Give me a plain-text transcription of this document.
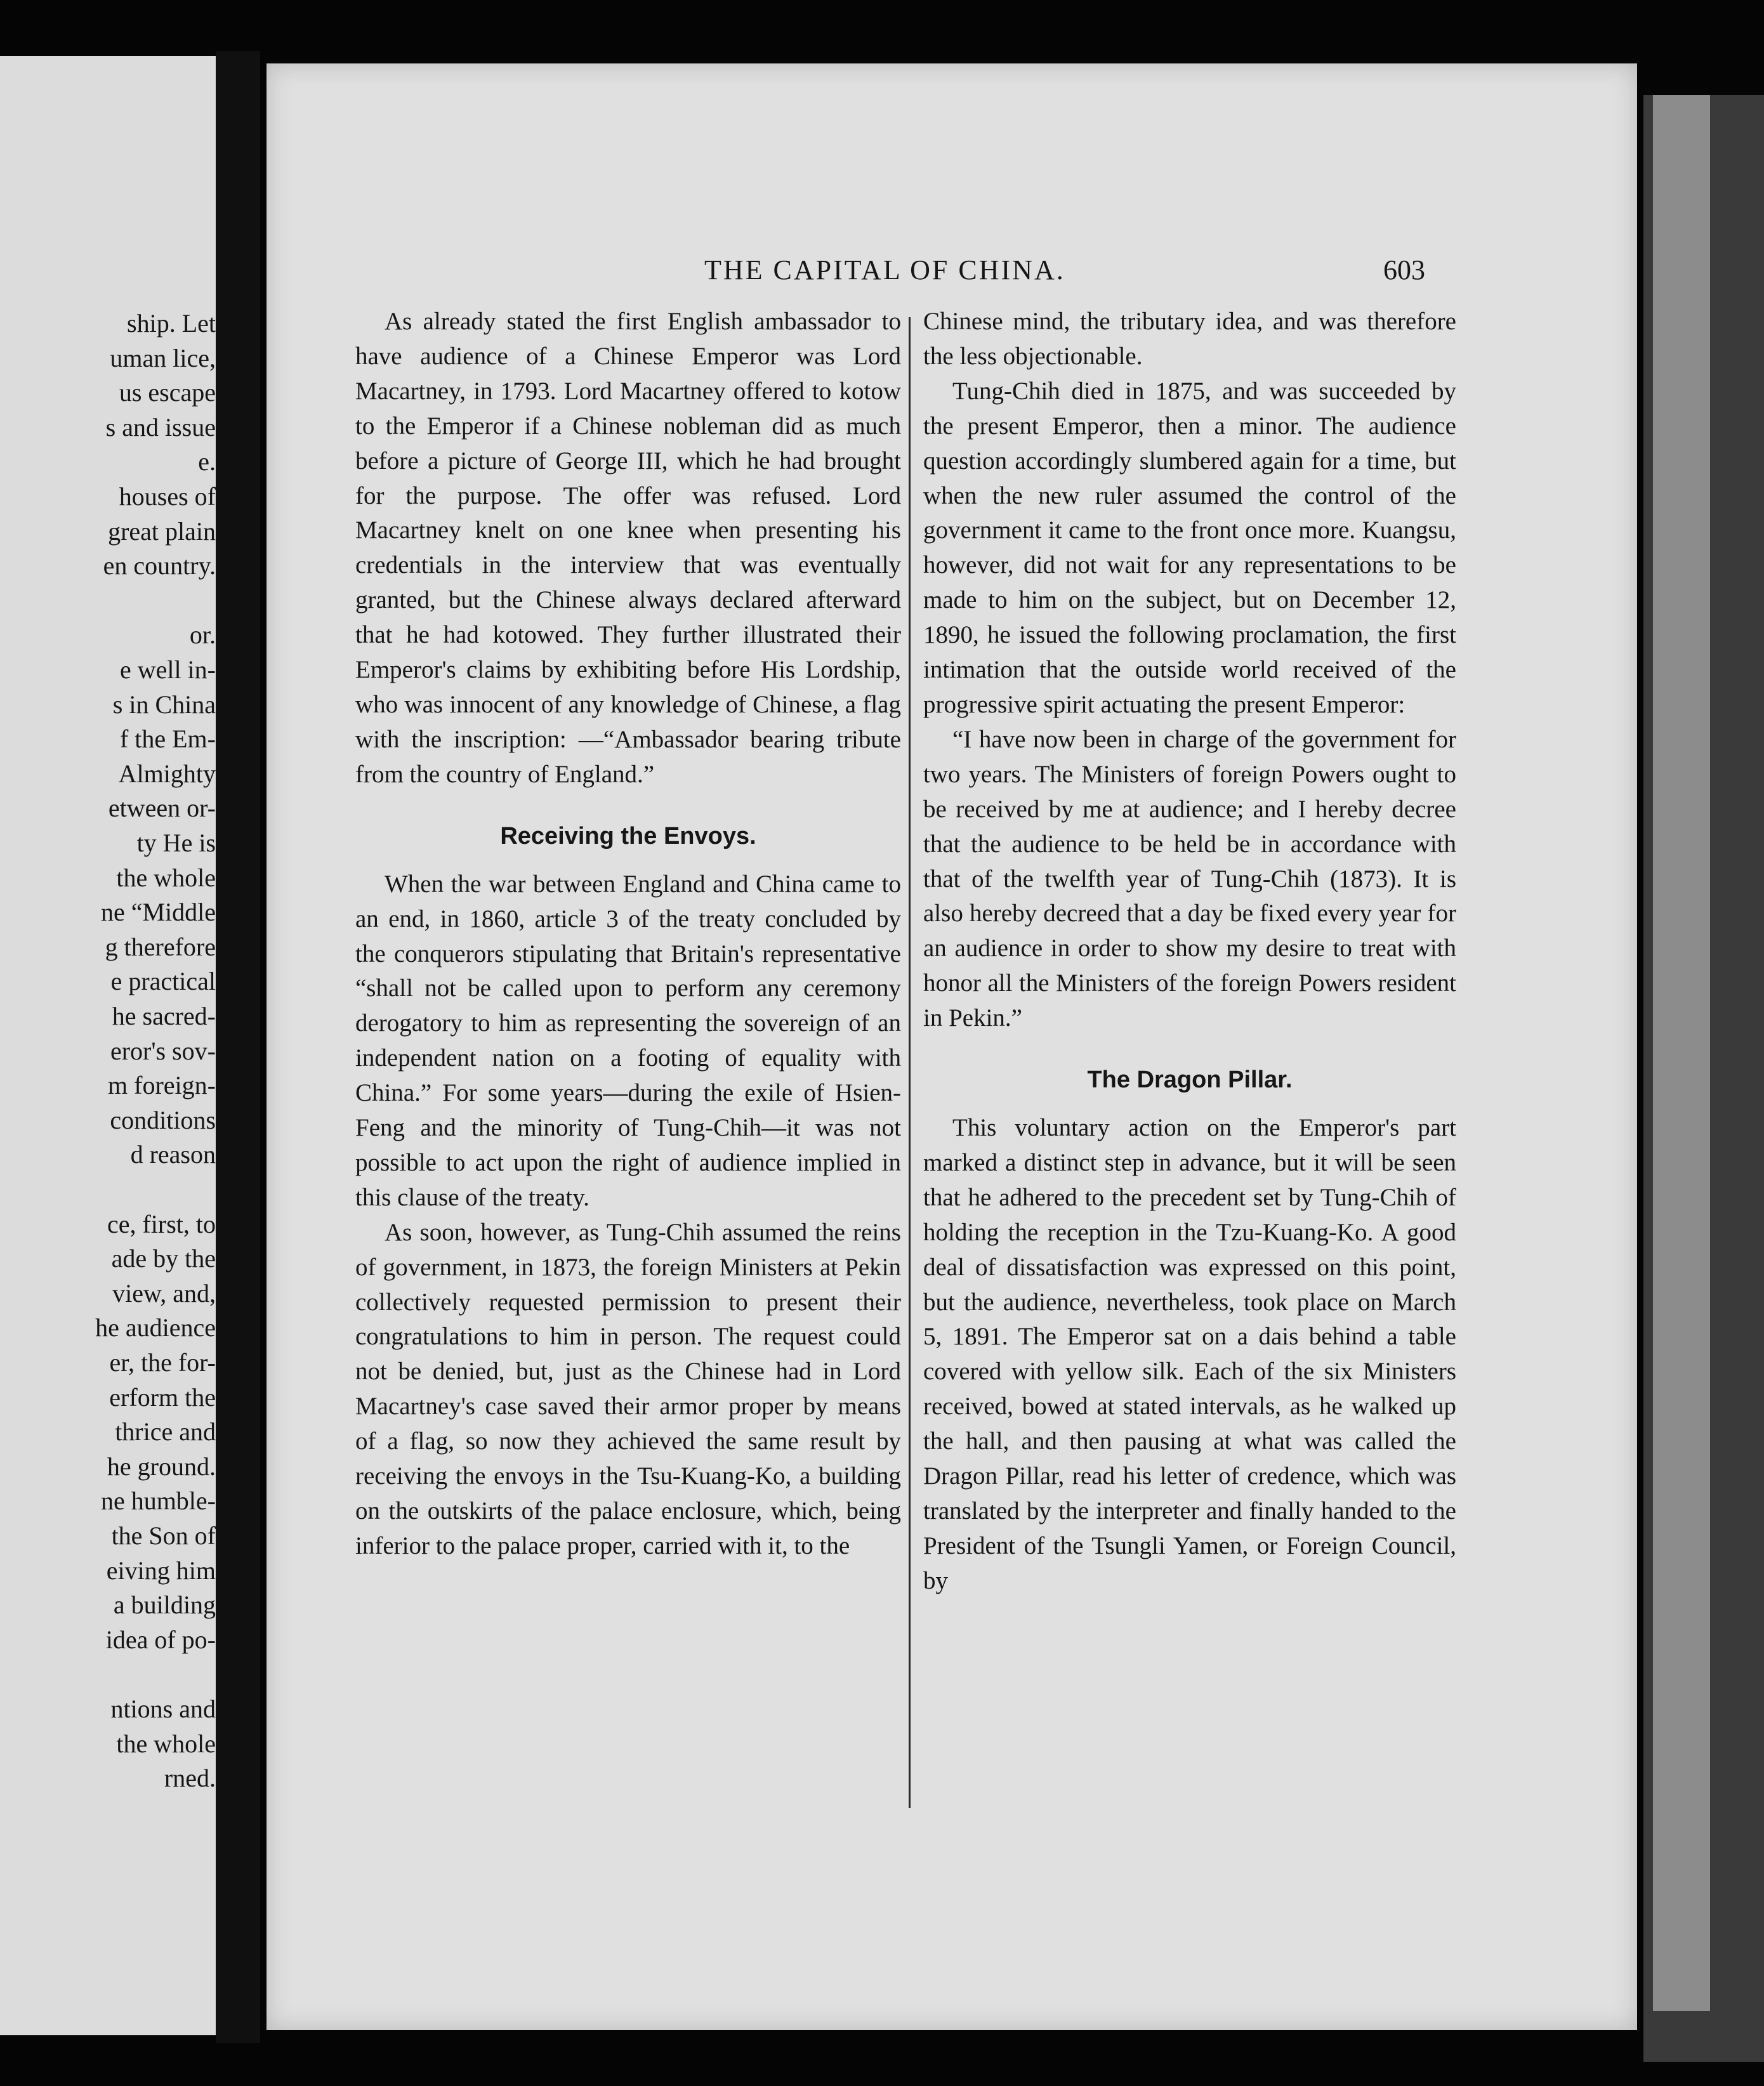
ship. Let
uman lice,
us escape
s and issue
e.
houses of
great plain
en country.
or.
e well in-
s in China
f the Em-
Almighty
etween or-
ty He is
the whole
ne “Middle
g therefore
e practical
he sacred-
eror's sov-
m foreign-
conditions
d reason
ce, first, to
ade by the
view, and,
he audience
er, the for-
erform the
thrice and
he ground.
ne humble-
the Son of
eiving him
a building
idea of po-
ntions and
the whole
rned.
THE CAPITAL OF CHINA.	603

As already stated the first English ambassador to have audience of a Chinese Emperor was Lord Macartney, in 1793. Lord Macartney offered to kotow to the Emperor if a Chinese nobleman did as much before a picture of George III, which he had brought for the purpose. The offer was refused. Lord Macartney knelt on one knee when presenting his credentials in the interview that was eventually granted, but the Chinese always declared afterward that he had kotowed. They further illustrated their Emperor's claims by exhibiting before His Lordship, who was innocent of any knowledge of Chinese, a flag with the inscription: —“Ambassador bearing tribute from the country of England.”

Receiving the Envoys.

When the war between England and China came to an end, in 1860, article 3 of the treaty concluded by the conquerors stipulating that Britain's representative “shall not be called upon to perform any ceremony derogatory to him as representing the sovereign of an independent nation on a footing of equality with China.” For some years—during the exile of Hsien-Feng and the minority of Tung-Chih—it was not possible to act upon the right of audience implied in this clause of the treaty.

As soon, however, as Tung-Chih assumed the reins of government, in 1873, the foreign Ministers at Pekin collectively requested permission to present their congratulations to him in person. The request could not be denied, but, just as the Chinese had in Lord Macartney's case saved their armor proper by means of a flag, so now they achieved the same result by receiving the envoys in the Tsu-Kuang-Ko, a building on the outskirts of the palace enclosure, which, being inferior to the palace proper, carried with it, to the

Chinese mind, the tributary idea, and was therefore the less objectionable.

Tung-Chih died in 1875, and was succeeded by the present Emperor, then a minor. The audience question accordingly slumbered again for a time, but when the new ruler assumed the control of the government it came to the front once more. Kuangsu, however, did not wait for any representations to be made to him on the subject, but on December 12, 1890, he issued the following proclamation, the first intimation that the outside world received of the progressive spirit actuating the present Emperor:

“I have now been in charge of the government for two years. The Ministers of foreign Powers ought to be received by me at audience; and I hereby decree that the audience to be held be in accordance with that of the twelfth year of Tung-Chih (1873). It is also hereby decreed that a day be fixed every year for an audience in order to show my desire to treat with honor all the Ministers of the foreign Powers resident in Pekin.”

The Dragon Pillar.

This voluntary action on the Emperor's part marked a distinct step in advance, but it will be seen that he adhered to the precedent set by Tung-Chih of holding the reception in the Tzu-Kuang-Ko. A good deal of dissatisfaction was expressed on this point, but the audience, nevertheless, took place on March 5, 1891. The Emperor sat on a dais behind a table covered with yellow silk. Each of the six Ministers received, bowed at stated intervals, as he walked up the hall, and then pausing at what was called the Dragon Pillar, read his letter of credence, which was translated by the interpreter and finally handed to the President of the Tsungli Yamen, or Foreign Council, by
